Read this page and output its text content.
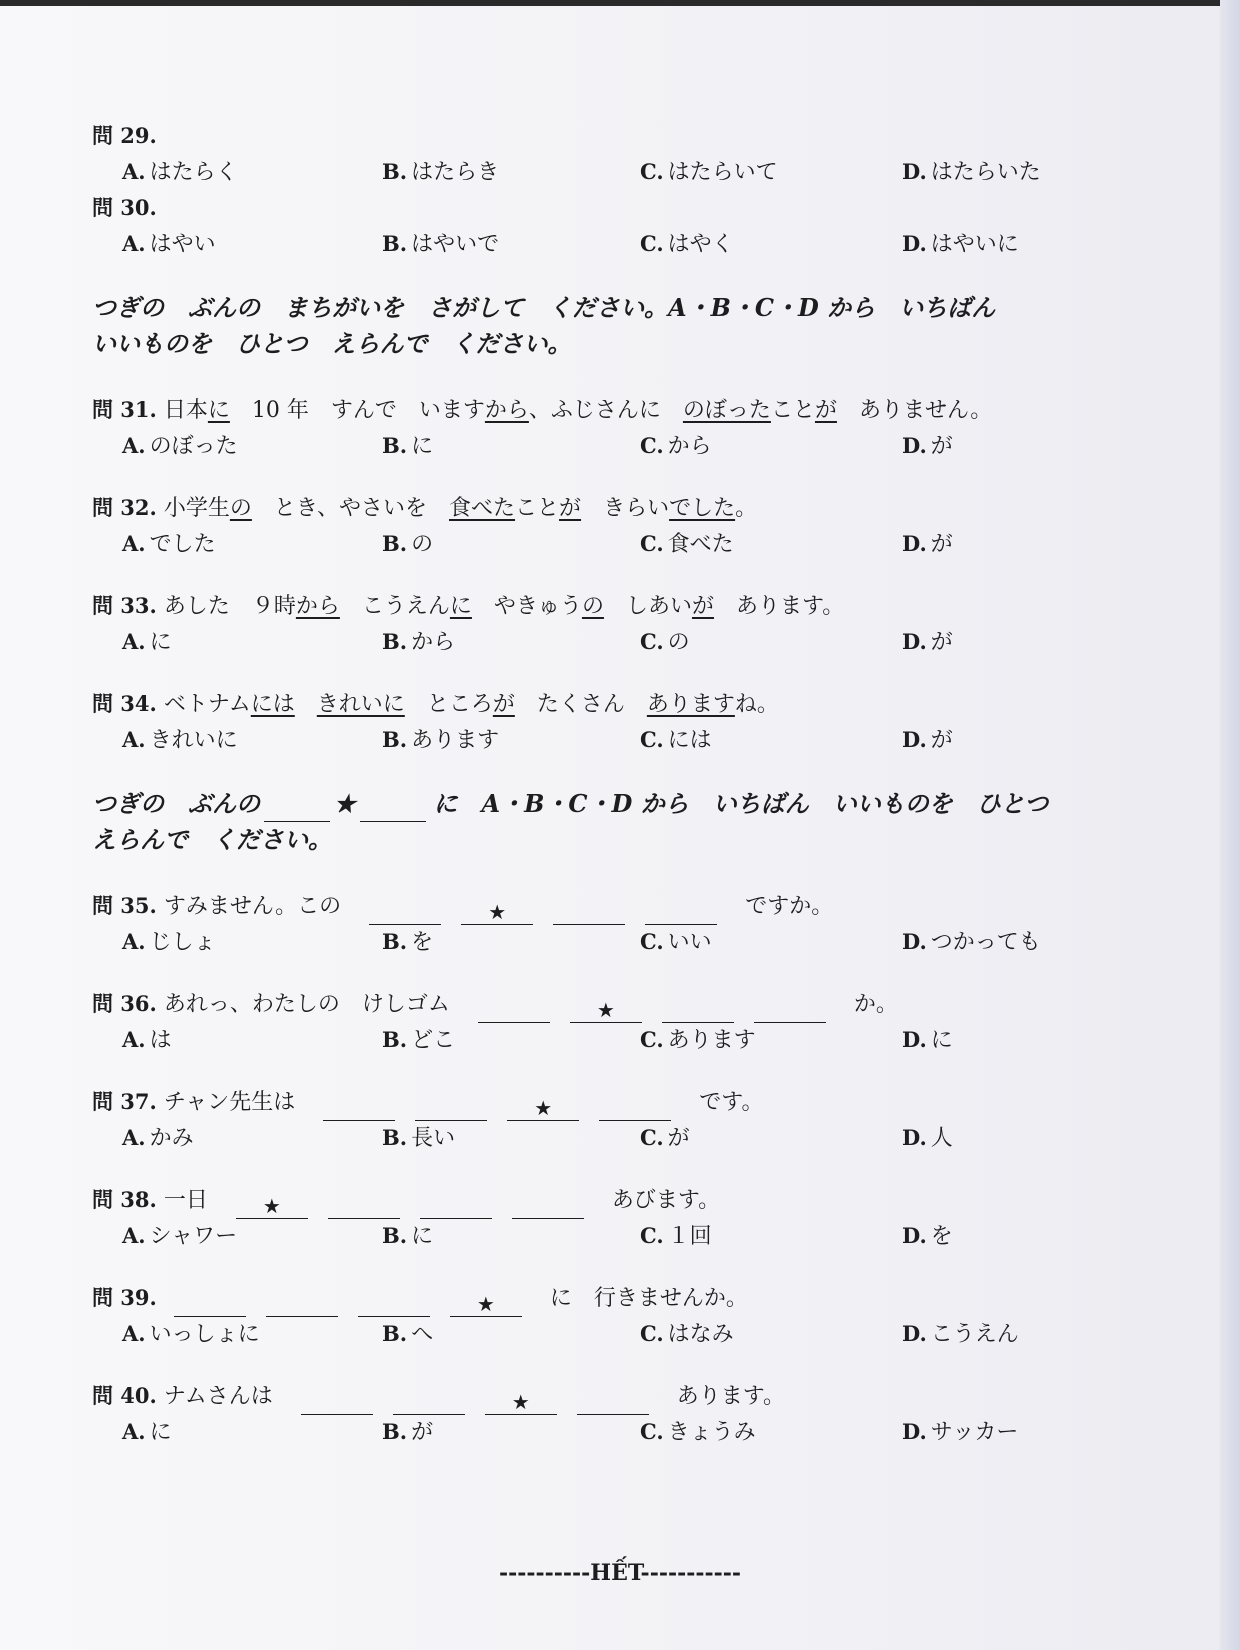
問 29.
A. はたらく	B. はたらき	C. はたらいて	D. はたらいた
問 30.
A. はやい	B. はやいで	C. はやく	D. はやいに
つぎの　ぶんの　まちがいを　さがして　ください。A・B・C・D から　いちばん
いいものを　ひとつ　えらんで　ください。
問 31. 日本に　10 年　すんで　いますから、ふじさんに　のぼったことが　ありません。
A. のぼった	B. に	C. から	D. が
問 32. 小学生の　とき、やさいを　食べたことが　きらいでした。
A. でした	B. の	C. 食べた	D. が
問 33. あした　９時から　こうえんに　やきゅうの　しあいが　あります。
A. に	B. から	C. の	D. が
問 34. ベトナムには　 きれいに　ところが　たくさん　ありますね。
A. きれいに	B. あります	C. には	D. が
つぎの　ぶんの	★	に　A・B・C・D から　いちばん　いいものを　ひとつ
えらんで　ください。
問 35. すみません。この	★	ですか。
A. じしょ	B. を	C. いい	D. つかっても
問 36. あれっ、わたしの　けしゴム	★	か。
A. は	B. どこ	C. あります	D. に
問 37. チャン先生は	★	です。
A. かみ	B. 長い	C. が	D. 人
問 38. 一日	★	あびます。
A. シャワー	B. に	C. １回	D. を
問 39.	★	に　行きませんか。
A. いっしょに	B. へ	C. はなみ	D. こうえん
問 40. ナムさんは	★	あります。
A. に	B. が	C. きょうみ	D. サッカー
----------HẾT-----------
